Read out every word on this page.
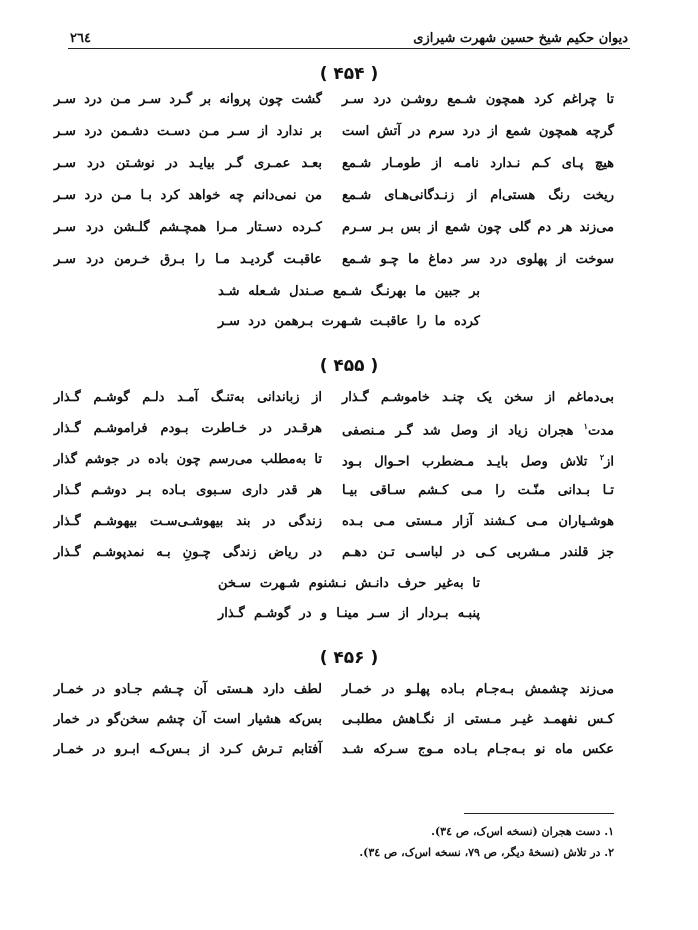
دیوان حکیم شیخ حسین شهرت شیرازی
٢٦٤
( ۴۵۴ )
تا چراغم کرد همچون شـمع روشـن درد سـر
گشت چون پروانه بر گـرد سـر مـن درد سـر
گرچه همچون شمع از درد سرم در آتش است
بر ندارد از سـر مـن دسـت دشـمن درد سـر
هیچ پـای کـم نـدارد نامـه از طومـار شـمع
بعـد عمـری گـر بیایـد در نوشـتن درد سـر
ریخت رنگ هستی‌ام از زنـدگانی‌هـای شـمع
من نمی‌دانم چه خواهد کرد بـا مـن درد سـر
می‌زند هر دم گلی چون شمع از بس بـر سـرم
کـرده دسـتار مـرا همچـشم گلـشن درد سـر
سوخت از پهلوی درد سر دماغ ما چـو شـمع
عاقبـت گردیـد مـا را بـرق خـرمن درد سـر
بر جبین ما بهرنـگ شـمع صـندل شـعله شـد
کرده ما را عاقبـت شـهرت بـرهمن درد سـر
( ۴۵۵ )
بی‌دماغم از سخن یک چنـد خاموشـم گـذار
از زباندانی به‌تنـگ آمـد دلـم گوشـم گـذار
مدت$^١$ هجران زیاد از وصل شد گـر مـنصفی
هرقـدر در خـاطرت بـودم فراموشـم گـذار
از$^٢$ تلاش وصل بایـد مـضطرب احـوال بـود
تا به‌مطلب می‌رسم چون باده در جوشم گذار
تـا بـدانی منّـت را مـی کـشم سـاقی بیـا
هر قدر داری سـبوی بـاده بـر دوشـم گـذار
هوشـیاران مـی کـشند آزار مـستی مـی بـده
زندگی در بند بیهوشـی‌سـت بیهوشـم گـذار
جز قلندر مـشربی کـی در لباسـی تـن دهـم
در ریاض زندگی چـونِ بـه نمدپوشـم گـذار
تا به‌غیر حرف دانـش نـشنوم شـهرت سـخن
پنبـه بـردار از سـر مینـا و در گوشـم گـذار
( ۴۵۶ )
می‌زند چشمش بـه‌جـام بـاده پهلـو در خمـار
لطف دارد هـستی آن چـشم جـادو در خمـار
کـس نفهمـد غیـر مـستی از نگـاهش مطلبـی
بس‌که هشیار است آن چشم سخن‌گو در خمار
عکس ماه نو بـه‌جـام بـاده مـوج سـرکه شـد
آفتابم تـرش کـرد از بـس‌کـه ابـرو در خمـار
١. دست هجران (نسخه اس‌ک، ص ٣٤).
٢. در تلاش (نسخهٔ دیگر، ص ٧٩، نسخه اس‌ک، ص ٣٤).
